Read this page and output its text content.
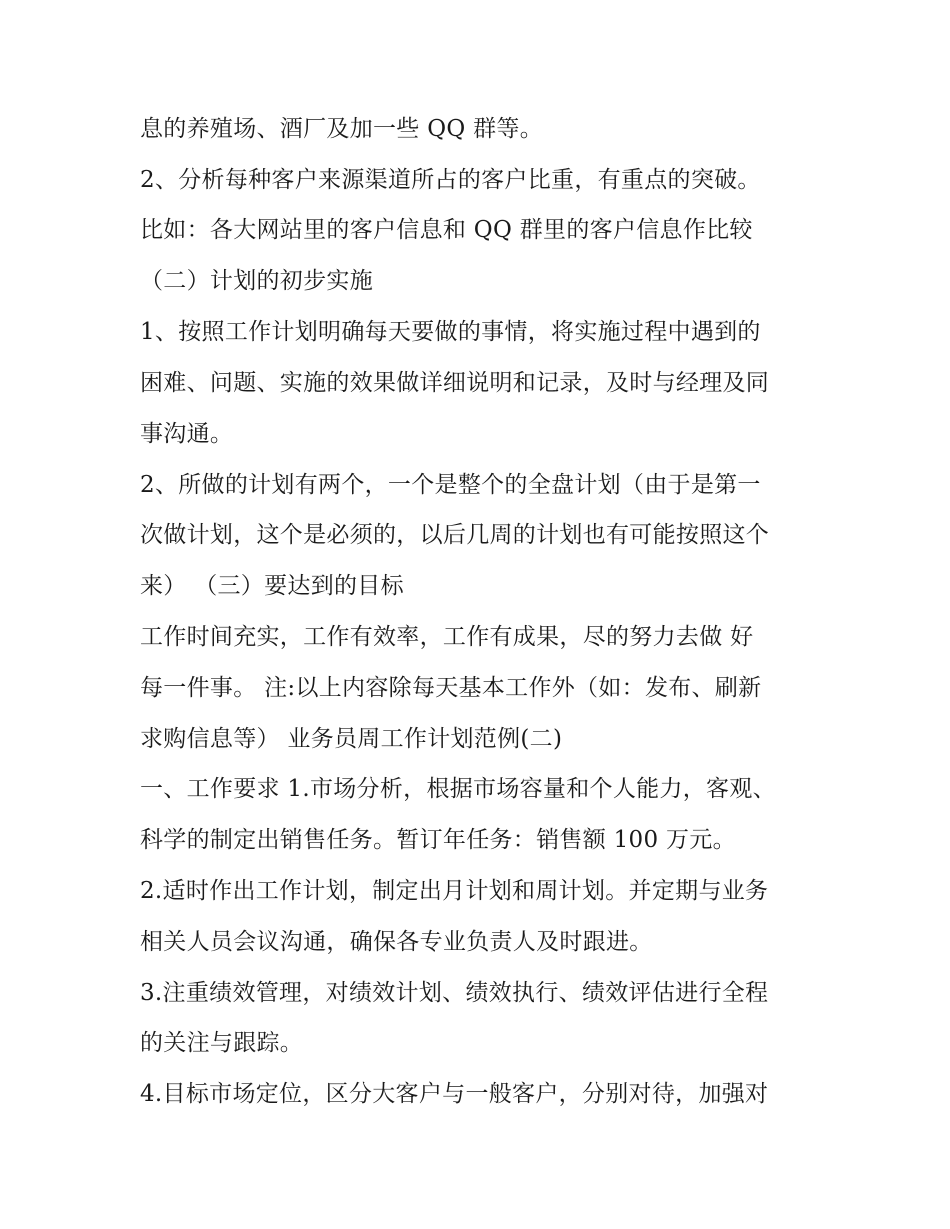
息的养殖场、酒厂及加一些 QQ 群等。
2、分析每种客户来源渠道所占的客户比重，有重点的突破。
比如：各大网站里的客户信息和 QQ 群里的客户信息作比较
（二）计划的初步实施
1、按照工作计划明确每天要做的事情，将实施过程中遇到的
困难、问题、实施的效果做详细说明和记录，及时与经理及同
事沟通。
2、所做的计划有两个，一个是整个的全盘计划（由于是第一
次做计划，这个是必须的，以后几周的计划也有可能按照这个
来） （三）要达到的目标
工作时间充实，工作有效率，工作有成果，尽的努力去做 好
每一件事。 注:以上内容除每天基本工作外（如：发布、刷新
求购信息等） 业务员周工作计划范例(二)
一、工作要求 1.市场分析，根据市场容量和个人能力，客观、
科学的制定出销售任务。暂订年任务：销售额 100 万元。
2.适时作出工作计划，制定出月计划和周计划。并定期与业务
相关人员会议沟通，确保各专业负责人及时跟进。
3.注重绩效管理，对绩效计划、绩效执行、绩效评估进行全程
的关注与跟踪。
4.目标市场定位，区分大客户与一般客户，分别对待，加强对
